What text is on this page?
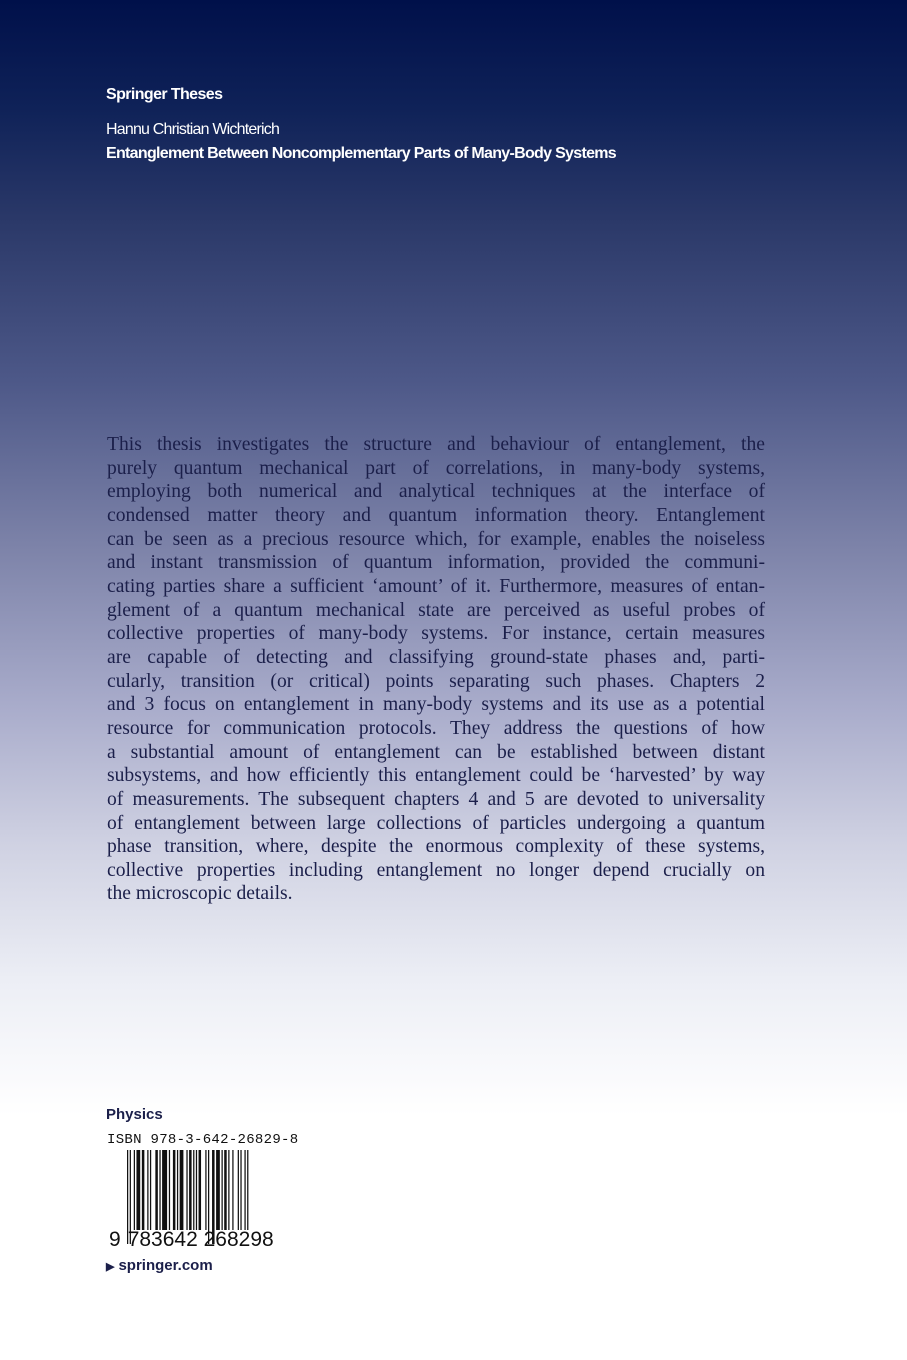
Springer Theses
Hannu Christian Wichterich
Entanglement Between Noncomplementary Parts of Many-Body Systems
This thesis investigates the structure and behaviour of entanglement, the
purely quantum mechanical part of correlations, in many-body systems,
employing both numerical and analytical techniques at the interface of
condensed matter theory and quantum information theory. Entanglement
can be seen as a precious resource which, for example, enables the noiseless
and instant transmission of quantum information, provided the communi-
cating parties share a sufficient ‘amount’ of it. Furthermore, measures of entan-
glement of a quantum mechanical state are perceived as useful probes of
collective properties of many-body systems. For instance, certain measures
are capable of detecting and classifying ground-state phases and, parti-
cularly, transition (or critical) points separating such phases. Chapters 2
and 3 focus on entanglement in many-body systems and its use as a potential
resource for communication protocols. They address the questions of how
a substantial amount of entanglement can be established between distant
subsystems, and how efficiently this entanglement could be ‘harvested’ by way
of measurements. The subsequent chapters 4 and 5 are devoted to universality
of entanglement between large collections of particles undergoing a quantum
phase transition, where, despite the enormous complexity of these systems,
collective properties including entanglement no longer depend crucially on
the microscopic details.
Physics
ISBN 978-3-642-26829-8
9 783642 268298
▶ springer.com
